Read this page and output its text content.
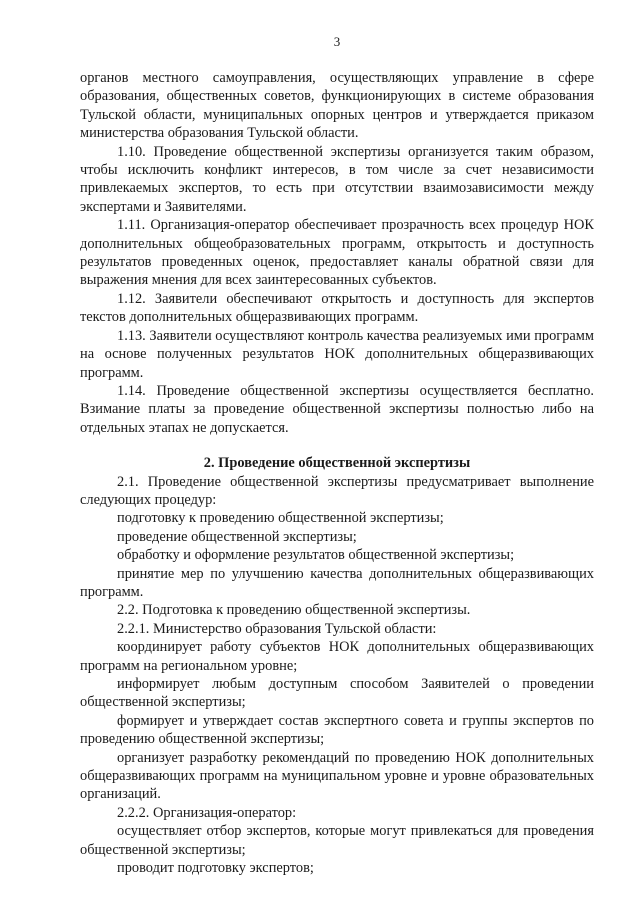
3

органов местного самоуправления, осуществляющих управление в сфере образования, общественных советов, функционирующих в системе образования Тульской области, муниципальных опорных центров и утверждается приказом министерства образования Тульской области.

1.10. Проведение общественной экспертизы организуется таким образом, чтобы исключить конфликт интересов, в том числе за счет независимости привлекаемых экспертов, то есть при отсутствии взаимозависимости между экспертами и Заявителями.

1.11. Организация-оператор обеспечивает прозрачность всех процедур НОК дополнительных общеобразовательных программ, открытость и доступность результатов проведенных оценок, предоставляет каналы обратной связи для выражения мнения для всех заинтересованных субъектов.

1.12. Заявители обеспечивают открытость и доступность для экспертов текстов дополнительных общеразвивающих программ.

1.13. Заявители осуществляют контроль качества реализуемых ими программ на основе полученных результатов НОК дополнительных общеразвивающих программ.

1.14. Проведение общественной экспертизы осуществляется бесплатно. Взимание платы за проведение общественной экспертизы полностью либо на отдельных этапах не допускается.

2. Проведение общественной экспертизы

2.1. Проведение общественной экспертизы предусматривает выполнение следующих процедур:

подготовку к проведению общественной экспертизы;

проведение общественной экспертизы;

обработку и оформление результатов общественной экспертизы;

принятие мер по улучшению качества дополнительных общеразвивающих программ.

2.2. Подготовка к проведению общественной экспертизы.

2.2.1. Министерство образования Тульской области:

координирует работу субъектов НОК дополнительных общеразвивающих программ на региональном уровне;

информирует любым доступным способом Заявителей о проведении общественной экспертизы;

формирует и утверждает состав экспертного совета и группы экспертов по проведению общественной экспертизы;

организует разработку рекомендаций по проведению НОК дополнительных общеразвивающих программ на муниципальном уровне и уровне образовательных организаций.

2.2.2. Организация-оператор:

осуществляет отбор экспертов, которые могут привлекаться для проведения общественной экспертизы;

проводит подготовку экспертов;
